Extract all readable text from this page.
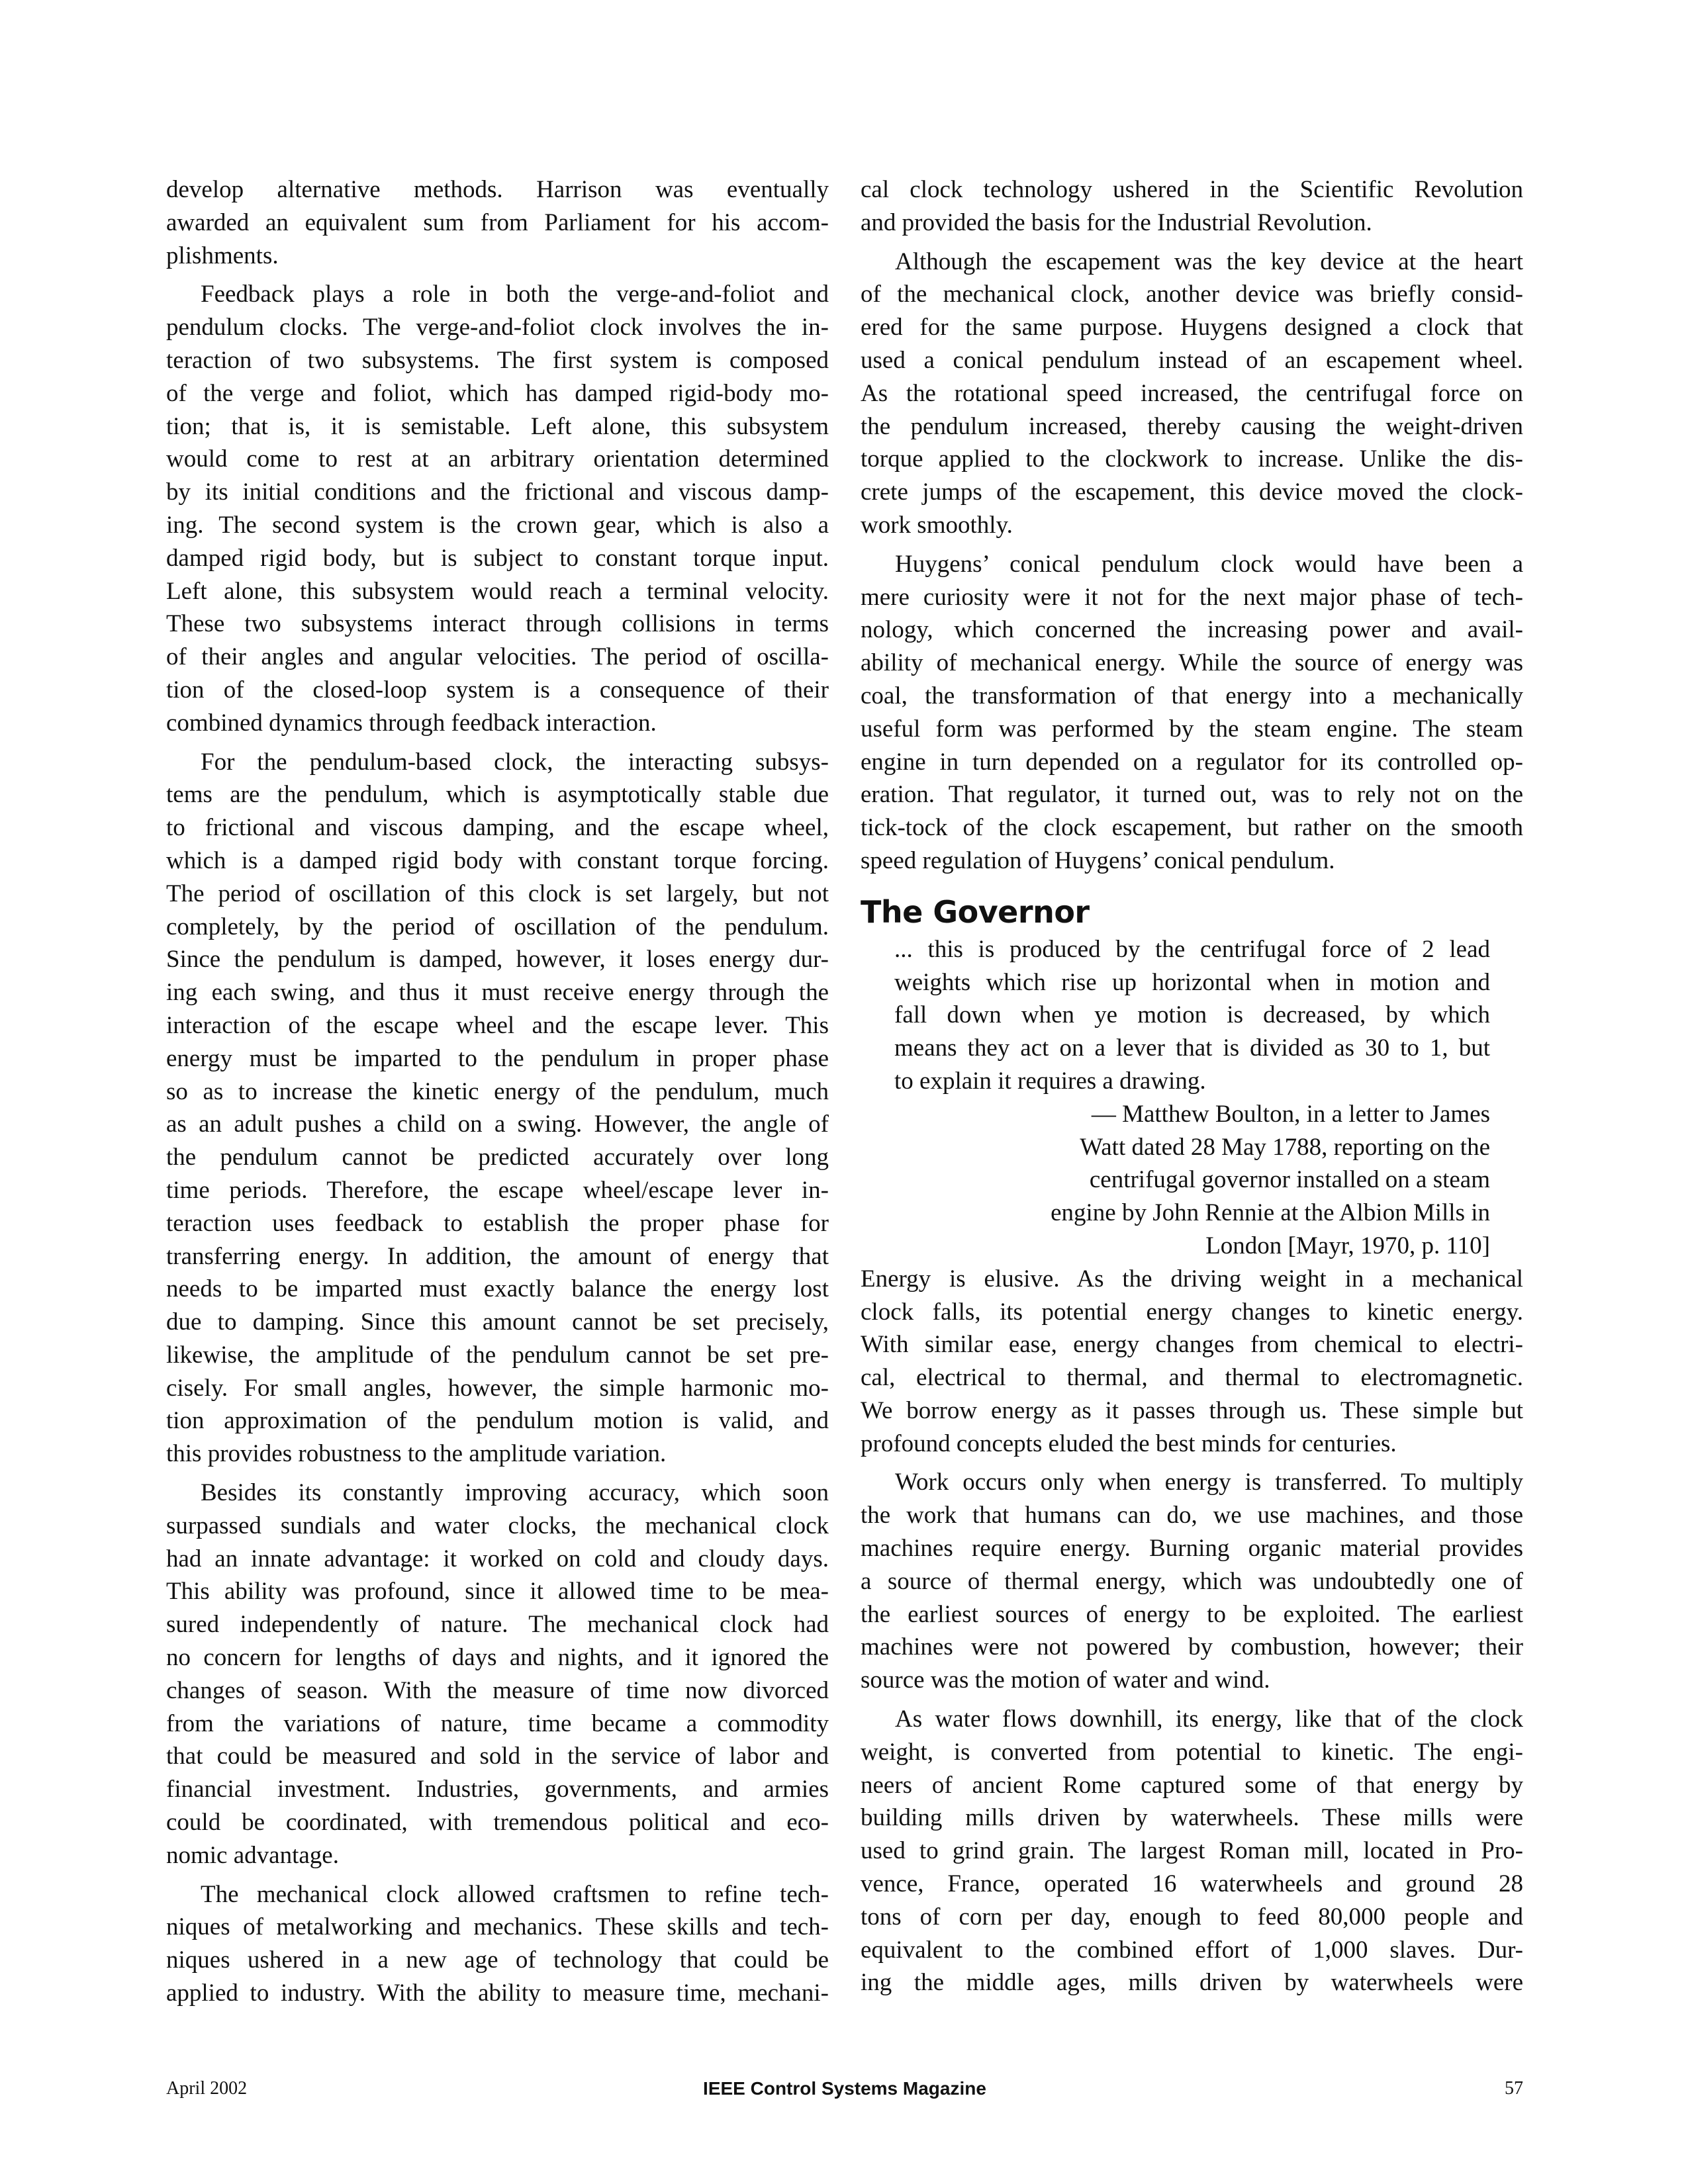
develop alternative methods. Harrison was eventually
awarded an equivalent sum from Parliament for his accom-
plishments.
Feedback plays a role in both the verge-and-foliot and
pendulum clocks. The verge-and-foliot clock involves the in-
teraction of two subsystems. The first system is composed
of the verge and foliot, which has damped rigid-body mo-
tion; that is, it is semistable. Left alone, this subsystem
would come to rest at an arbitrary orientation determined
by its initial conditions and the frictional and viscous damp-
ing. The second system is the crown gear, which is also a
damped rigid body, but is subject to constant torque input.
Left alone, this subsystem would reach a terminal velocity.
These two subsystems interact through collisions in terms
of their angles and angular velocities. The period of oscilla-
tion of the closed-loop system is a consequence of their
combined dynamics through feedback interaction.
For the pendulum-based clock, the interacting subsys-
tems are the pendulum, which is asymptotically stable due
to frictional and viscous damping, and the escape wheel,
which is a damped rigid body with constant torque forcing.
The period of oscillation of this clock is set largely, but not
completely, by the period of oscillation of the pendulum.
Since the pendulum is damped, however, it loses energy dur-
ing each swing, and thus it must receive energy through the
interaction of the escape wheel and the escape lever. This
energy must be imparted to the pendulum in proper phase
so as to increase the kinetic energy of the pendulum, much
as an adult pushes a child on a swing. However, the angle of
the pendulum cannot be predicted accurately over long
time periods. Therefore, the escape wheel/escape lever in-
teraction uses feedback to establish the proper phase for
transferring energy. In addition, the amount of energy that
needs to be imparted must exactly balance the energy lost
due to damping. Since this amount cannot be set precisely,
likewise, the amplitude of the pendulum cannot be set pre-
cisely. For small angles, however, the simple harmonic mo-
tion approximation of the pendulum motion is valid, and
this provides robustness to the amplitude variation.
Besides its constantly improving accuracy, which soon
surpassed sundials and water clocks, the mechanical clock
had an innate advantage: it worked on cold and cloudy days.
This ability was profound, since it allowed time to be mea-
sured independently of nature. The mechanical clock had
no concern for lengths of days and nights, and it ignored the
changes of season. With the measure of time now divorced
from the variations of nature, time became a commodity
that could be measured and sold in the service of labor and
financial investment. Industries, governments, and armies
could be coordinated, with tremendous political and eco-
nomic advantage.
The mechanical clock allowed craftsmen to refine tech-
niques of metalworking and mechanics. These skills and tech-
niques ushered in a new age of technology that could be
applied to industry. With the ability to measure time, mechani-
cal clock technology ushered in the Scientific Revolution
and provided the basis for the Industrial Revolution.
Although the escapement was the key device at the heart
of the mechanical clock, another device was briefly consid-
ered for the same purpose. Huygens designed a clock that
used a conical pendulum instead of an escapement wheel.
As the rotational speed increased, the centrifugal force on
the pendulum increased, thereby causing the weight-driven
torque applied to the clockwork to increase. Unlike the dis-
crete jumps of the escapement, this device moved the clock-
work smoothly.
Huygens’ conical pendulum clock would have been a
mere curiosity were it not for the next major phase of tech-
nology, which concerned the increasing power and avail-
ability of mechanical energy. While the source of energy was
coal, the transformation of that energy into a mechanically
useful form was performed by the steam engine. The steam
engine in turn depended on a regulator for its controlled op-
eration. That regulator, it turned out, was to rely not on the
tick-tock of the clock escapement, but rather on the smooth
speed regulation of Huygens’ conical pendulum.
The Governor
... this is produced by the centrifugal force of 2 lead
weights which rise up horizontal when in motion and
fall down when ye motion is decreased, by which
means they act on a lever that is divided as 30 to 1, but
to explain it requires a drawing.
— Matthew Boulton, in a letter to James
Watt dated 28 May 1788, reporting on the
centrifugal governor installed on a steam
engine by John Rennie at the Albion Mills in
London [Mayr, 1970, p. 110]
Energy is elusive. As the driving weight in a mechanical
clock falls, its potential energy changes to kinetic energy.
With similar ease, energy changes from chemical to electri-
cal, electrical to thermal, and thermal to electromagnetic.
We borrow energy as it passes through us. These simple but
profound concepts eluded the best minds for centuries.
Work occurs only when energy is transferred. To multiply
the work that humans can do, we use machines, and those
machines require energy. Burning organic material provides
a source of thermal energy, which was undoubtedly one of
the earliest sources of energy to be exploited. The earliest
machines were not powered by combustion, however; their
source was the motion of water and wind.
As water flows downhill, its energy, like that of the clock
weight, is converted from potential to kinetic. The engi-
neers of ancient Rome captured some of that energy by
building mills driven by waterwheels. These mills were
used to grind grain. The largest Roman mill, located in Pro-
vence, France, operated 16 waterwheels and ground 28
tons of corn per day, enough to feed 80,000 people and
equivalent to the combined effort of 1,000 slaves. Dur-
ing the middle ages, mills driven by waterwheels were
April 2002	IEEE Control Systems Magazine	57
